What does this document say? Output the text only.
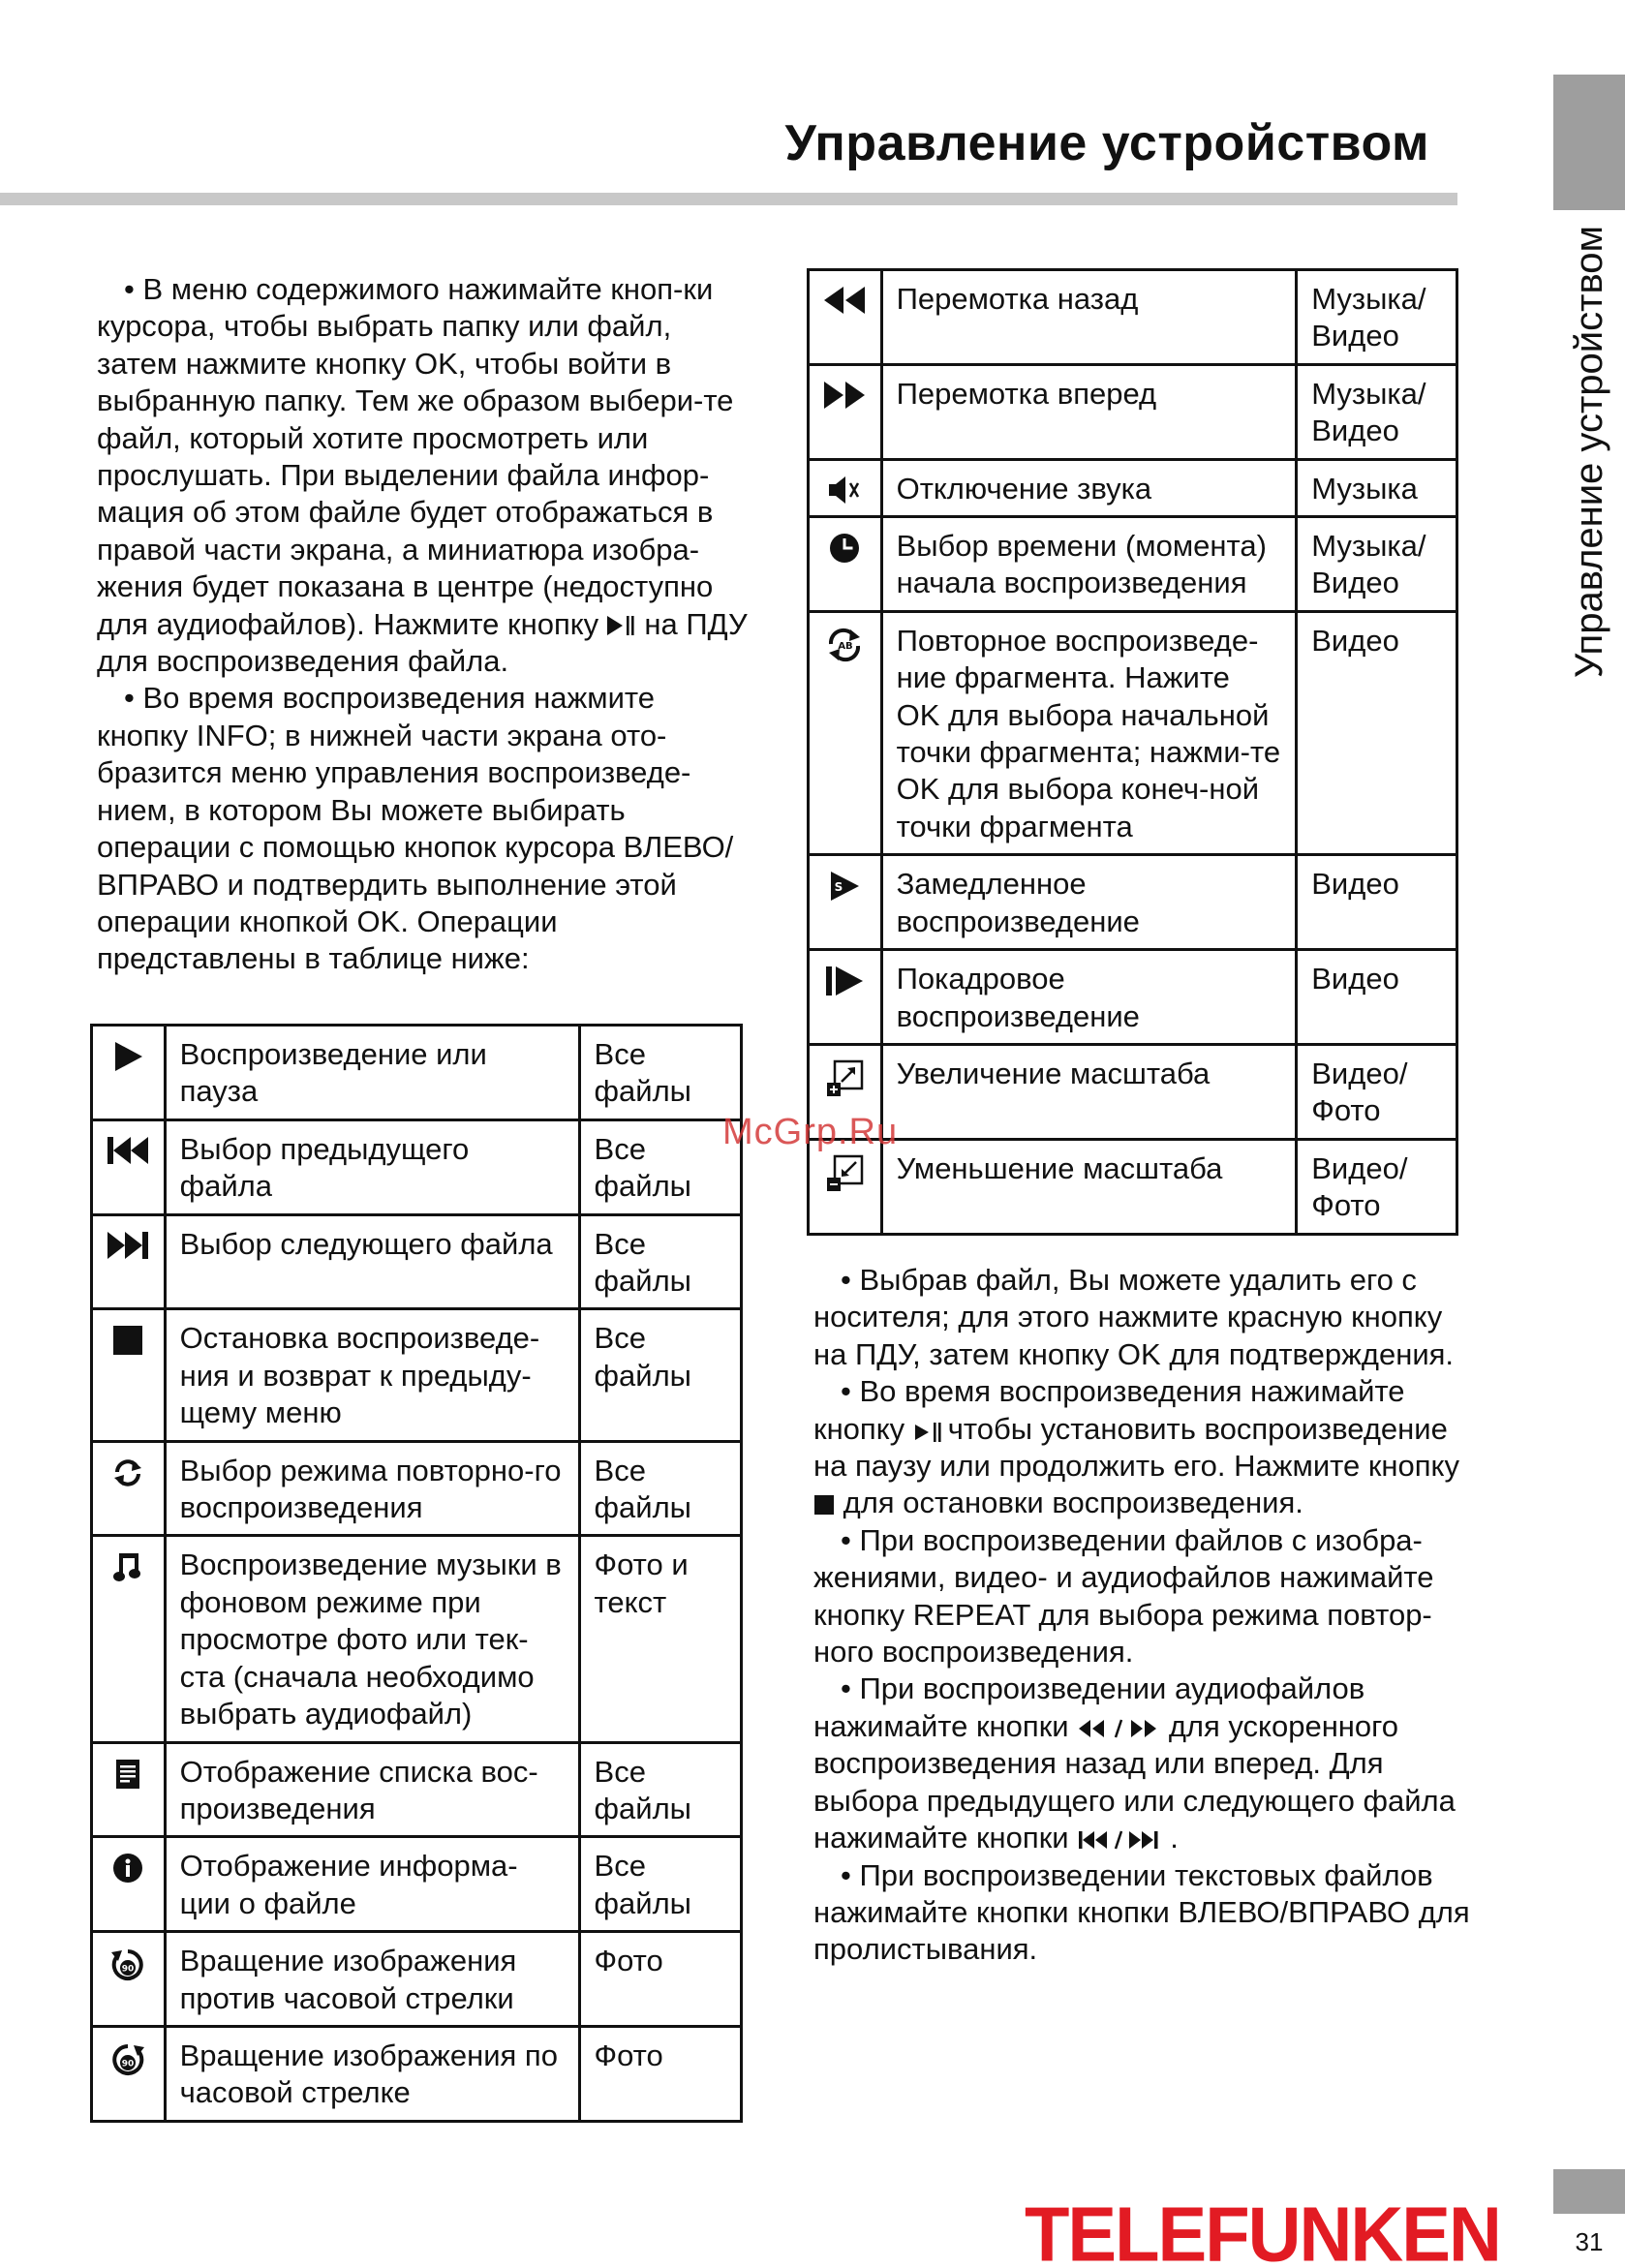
Управление устройством
Управление устройством

• В меню содержимого нажимайте кноп-ки курсора, чтобы выбрать папку или файл, затем нажмите кнопку OK, чтобы войти в выбранную папку. Тем же образом выбери-те файл, который хотите просмотреть или прослушать. При выделении файла инфор-мация об этом файле будет отображаться в правой части экрана, а миниатюра изобра-жения будет показана в центре (недоступно для аудиофайлов). Нажмите кнопку на ПДУ для воспроизведения файла.

• Во время воспроизведения нажмите кнопку INFO; в нижней части экрана ото-бразится меню управления воспроизведе-нием, в котором Вы можете выбирать операции с помощью кнопок курсора ВЛЕВО/ВПРАВО и подтвердить выполнение этой операции кнопкой OK. Операции представлены в таблице ниже:

	Воспроизведение или пауза	Все файлы
	Выбор предыдущего файла	Все файлы
	Выбор следующего файла	Все файлы
	Остановка воспроизведе-ния и возврат к предыду-щему меню	Все файлы
	Выбор режима повторно-го воспроизведения	Все файлы
	Воспроизведение музыки в фоновом режиме при просмотре фото или тек-ста (сначала необходимо выбрать аудиофайл)	Фото и текст
	Отображение списка вос-произведения	Все файлы
	Отображение информа-ции о файле	Все файлы

90	Вращение изображения против часовой стрелки	Фото

90	Вращение изображения по часовой стрелке	Фото
	Перемотка назад	Музыка/ Видео
	Перемотка вперед	Музыка/ Видео
	Отключение звука	Музыка
	Выбор времени (момента) начала воспроизведения	Музыка/ Видео

AB	Повторное воспроизведе-ние фрагмента. Нажите OK для выбора начальной точки фрагмента; нажми-те OK для выбора конеч-ной точки фрагмента	Видео

S	Замедленное воспроизведение	Видео
	Покадровое воспроизведение	Видео
	Увеличение масштаба	Видео/ Фото
	Уменьшение масштаба	Видео/ Фото
McGrp.Ru

• Выбрав файл, Вы можете удалить его с носителя; для этого нажмите красную кнопку на ПДУ, затем кнопку OK для подтверждения.

• Во время воспроизведения нажимайте кнопку чтобы установить воспроизведение на паузу или продолжить его. Нажмите кнопку  для остановки воспроизведения.

• При воспроизведении файлов с изобра-жениями, видео- и аудиофайлов нажимайте кнопку REPEAT для выбора режима повтор-ного воспроизведения.

• При воспроизведении аудиофайлов нажимайте кнопки	для ускоренного воспроизведения назад или вперед. Для выбора предыдущего или следующего файла нажимайте кнопки	.

• При воспроизведении текстовых файлов нажимайте кнопки кнопки ВЛЕВО/ВПРАВО для пролистывания.

TELEFUNKEN	31
